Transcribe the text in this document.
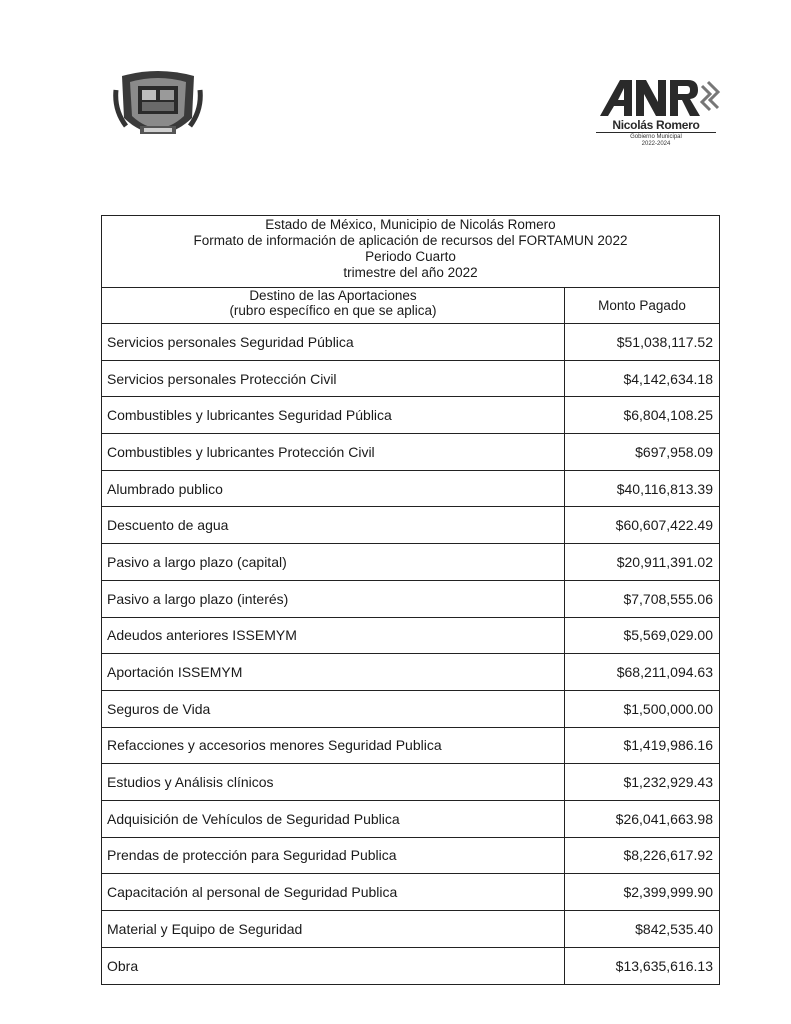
Nicolás Romero
Gobierno Municipal
2022-2024
Estado de México, Municipio de Nicolás Romero
Formato de información de aplicación de recursos del FORTAMUN 2022
Periodo Cuarto
trimestre del año 2022
Destino de las Aportaciones
(rubro específico en que se aplica)	Monto Pagado
Servicios personales Seguridad Pública	$51,038,117.52
Servicios personales Protección Civil	$4,142,634.18
Combustibles y lubricantes Seguridad Pública	$6,804,108.25
Combustibles y lubricantes Protección Civil	$697,958.09
Alumbrado publico	$40,116,813.39
Descuento de agua	$60,607,422.49
Pasivo a largo plazo (capital)	$20,911,391.02
Pasivo a largo plazo (interés)	$7,708,555.06
Adeudos anteriores ISSEMYM	$5,569,029.00
Aportación ISSEMYM	$68,211,094.63
Seguros de Vida	$1,500,000.00
Refacciones y accesorios menores Seguridad Publica	$1,419,986.16
Estudios y Análisis clínicos	$1,232,929.43
Adquisición de Vehículos de Seguridad Publica	$26,041,663.98
Prendas de protección para Seguridad Publica	$8,226,617.92
Capacitación al personal de Seguridad Publica	$2,399,999.90
Material y Equipo de Seguridad	$842,535.40
Obra	$13,635,616.13
